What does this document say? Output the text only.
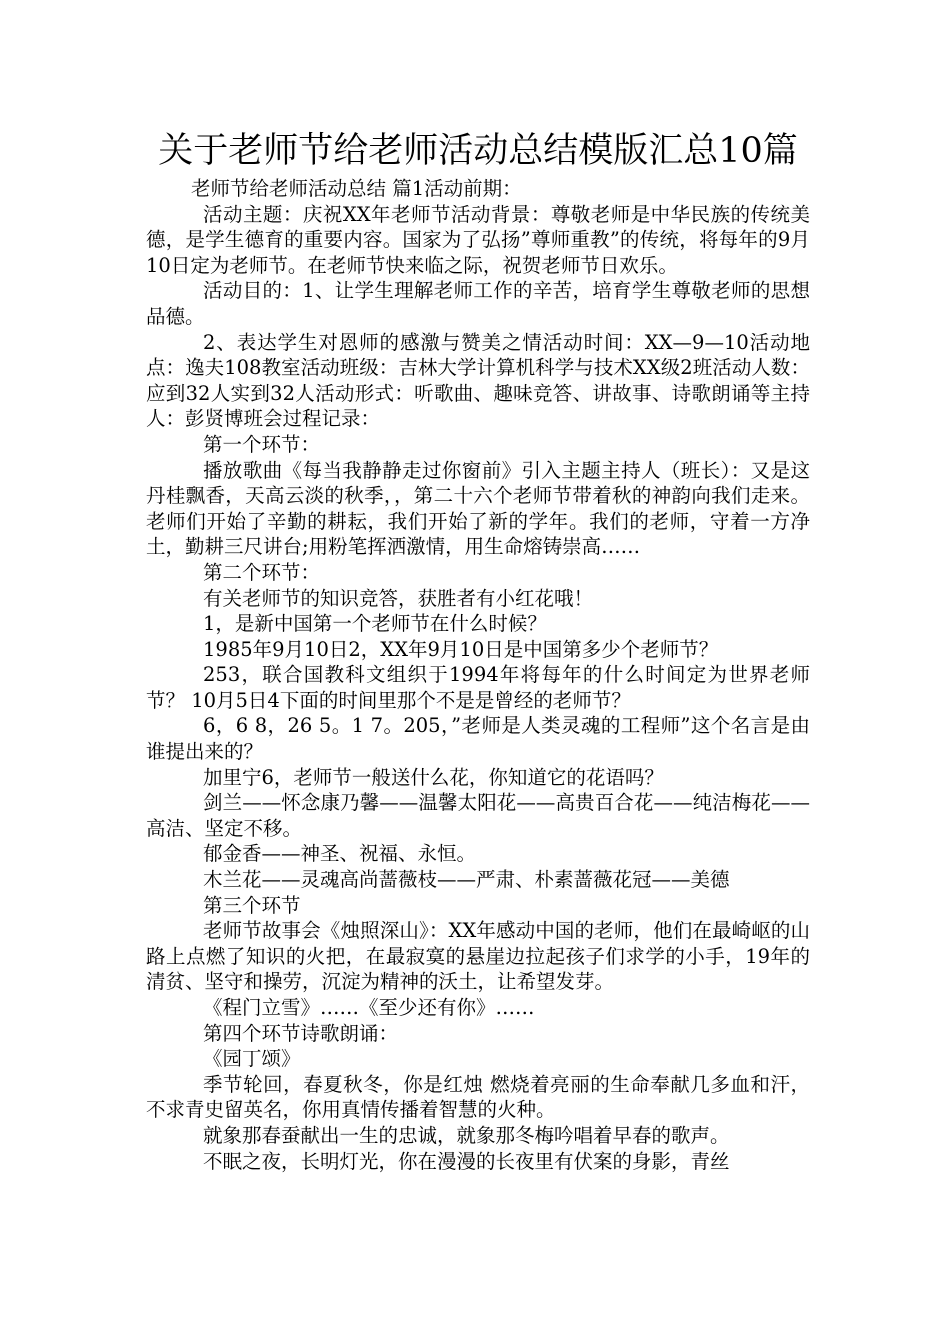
关于老师节给老师活动总结模版汇总10篇

老师节给老师活动总结 篇1活动前期：

活动主题：庆祝XX年老师节活动背景：尊敬老师是中华民族的传统美德，是学生德育的重要内容。国家为了弘扬”尊师重教”的传统，将每年的9月10日定为老师节。在老师节快来临之际，祝贺老师节日欢乐。

活动目的：1、让学生理解老师工作的辛苦，培育学生尊敬老师的思想品德。

2、表达学生对恩师的感激与赞美之情活动时间：XX—9—10活动地点：逸夫108教室活动班级：吉林大学计算机科学与技术XX级2班活动人数：应到32人实到32人活动形式：听歌曲、趣味竞答、讲故事、诗歌朗诵等主持人：彭贤博班会过程记录：

第一个环节：

播放歌曲《每当我静静走过你窗前》引入主题主持人（班长）：又是这丹桂飘香，天高云淡的秋季，，第二十六个老师节带着秋的神韵向我们走来。老师们开始了辛勤的耕耘，我们开始了新的学年。我们的老师，守着一方净土，勤耕三尺讲台;用粉笔挥洒激情，用生命熔铸崇高……

第二个环节：

有关老师节的知识竞答，获胜者有小红花哦！

1，是新中国第一个老师节在什么时候？

1985年9月10日2，XX年9月10日是中国第多少个老师节？

253，联合国教科文组织于1994年将每年的什么时间定为世界老师节？ 10月5日4下面的时间里那个不是是曾经的老师节？

6，6 8，26 5。1 7。205，”老师是人类灵魂的工程师”这个名言是由谁提出来的？

加里宁6，老师节一般送什么花，你知道它的花语吗？

剑兰——怀念康乃馨——温馨太阳花——高贵百合花——纯洁梅花——高洁、坚定不移。

郁金香——神圣、祝福、永恒。

木兰花——灵魂高尚蔷薇枝——严肃、朴素蔷薇花冠——美德

第三个环节

老师节故事会《烛照深山》：XX年感动中国的老师，他们在最崎岖的山路上点燃了知识的火把，在最寂寞的悬崖边拉起孩子们求学的小手，19年的清贫、坚守和操劳，沉淀为精神的沃土，让希望发芽。

《程门立雪》……《至少还有你》……

第四个环节诗歌朗诵：

《园丁颂》

季节轮回，春夏秋冬，你是红烛 燃烧着亮丽的生命奉献几多血和汗，不求青史留英名，你用真情传播着智慧的火种。

就象那春蚕献出一生的忠诚，就象那冬梅吟唱着早春的歌声。

不眠之夜，长明灯光，你在漫漫的长夜里有伏案的身影，青丝
